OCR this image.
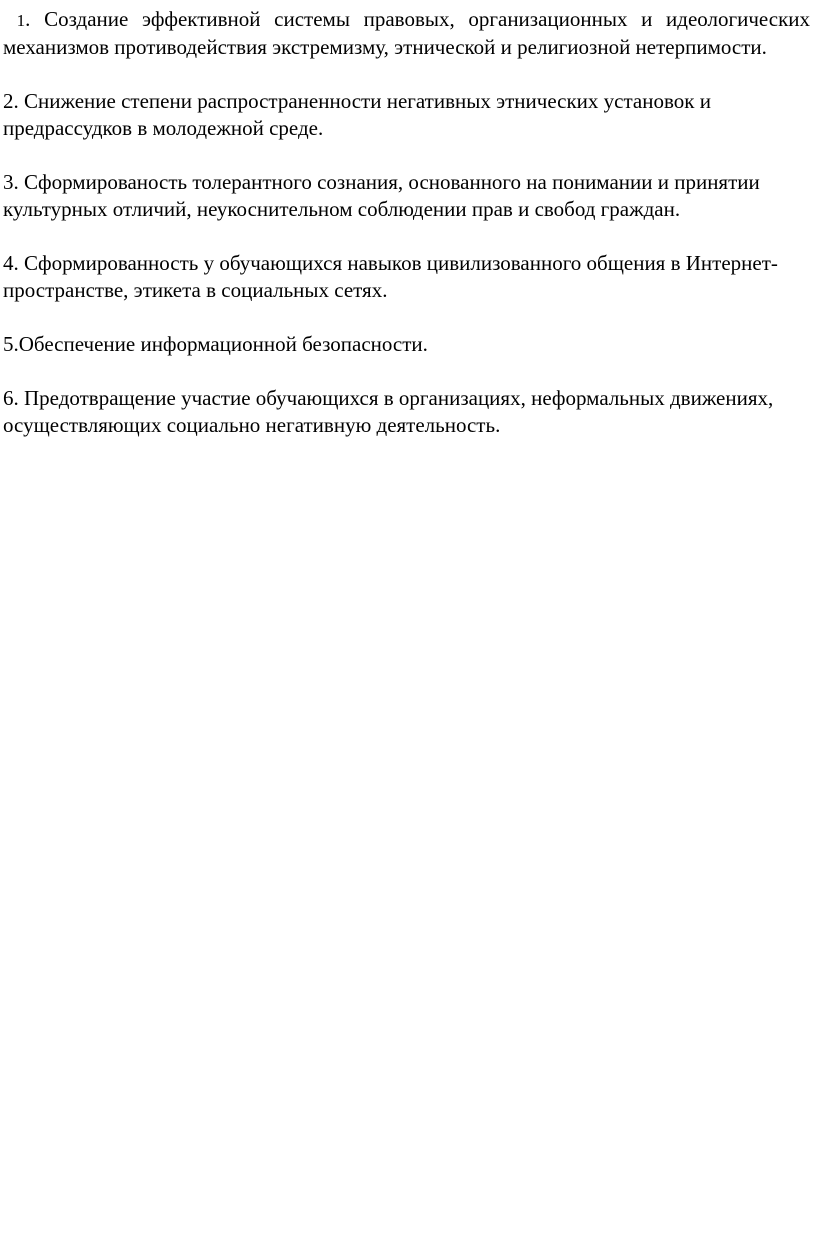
1. Создание эффективной системы правовых, организационных и идеологических механизмов противодействия экстремизму, этнической и религиозной нетерпимости.

2. Снижение степени распространенности негативных этнических установок и предрассудков в молодежной среде.

3. Сформированость толерантного сознания, основанного на понимании и принятии культурных отличий, неукоснительном соблюдении прав и свобод граждан.

4. Сформированность у обучающихся навыков цивилизованного общения в Интернет-пространстве, этикета в социальных сетях.

5.Обеспечение информационной безопасности.

6. Предотвращение участие обучающихся в организациях, неформальных движениях, осуществляющих социально негативную деятельность.
